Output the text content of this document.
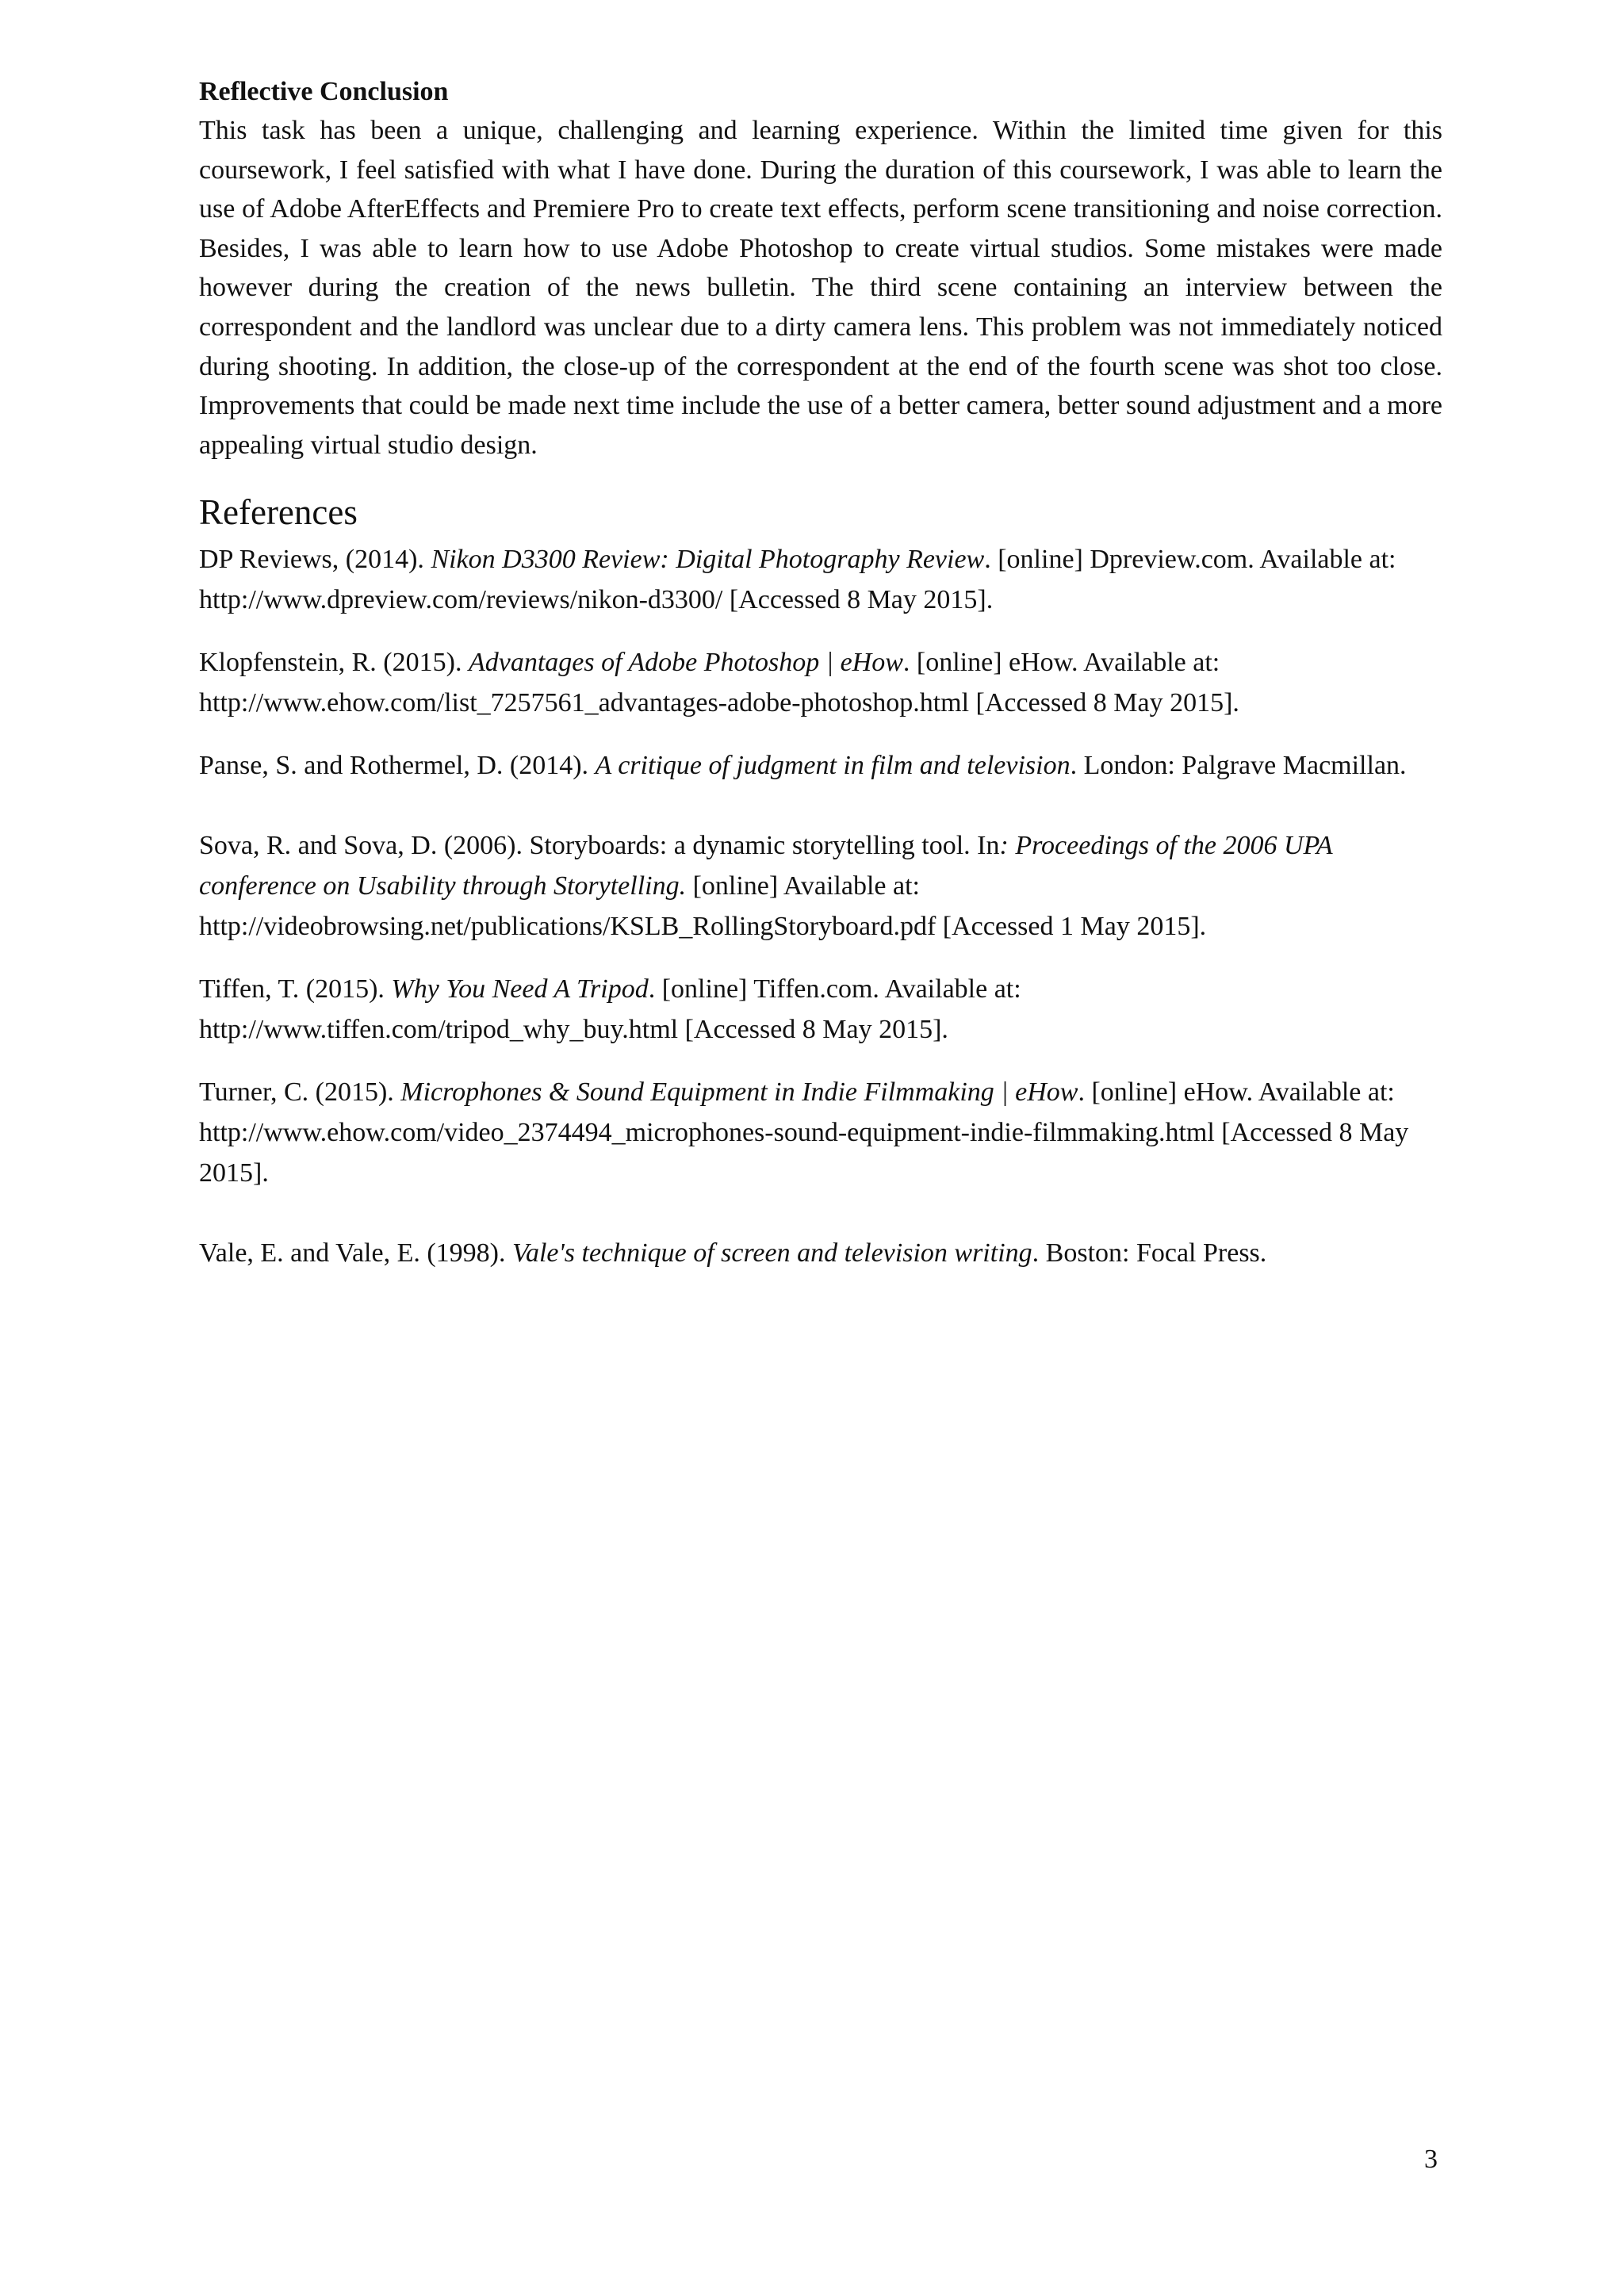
Reflective Conclusion

This task has been a unique, challenging and learning experience. Within the limited time given for this coursework, I feel satisfied with what I have done. During the duration of this coursework, I was able to learn the use of Adobe AfterEffects and Premiere Pro to create text effects, perform scene transitioning and noise correction. Besides, I was able to learn how to use Adobe Photoshop to create virtual studios. Some mistakes were made however during the creation of the news bulletin. The third scene containing an interview between the correspondent and the landlord was unclear due to a dirty camera lens. This problem was not immediately noticed during shooting. In addition, the close-up of the correspondent at the end of the fourth scene was shot too close. Improvements that could be made next time include the use of a better camera, better sound adjustment and a more appealing virtual studio design.

References
DP Reviews, (2014). Nikon D3300 Review: Digital Photography Review. [online] Dpreview.com. Available at: http://www.dpreview.com/reviews/nikon-d3300/ [Accessed 8 May 2015].
Klopfenstein, R. (2015). Advantages of Adobe Photoshop | eHow. [online] eHow. Available at: http://www.ehow.com/list_7257561_advantages-adobe-photoshop.html [Accessed 8 May 2015].
Panse, S. and Rothermel, D. (2014). A critique of judgment in film and television. London: Palgrave Macmillan.
Sova, R. and Sova, D. (2006). Storyboards: a dynamic storytelling tool. In: Proceedings of the 2006 UPA conference on Usability through Storytelling. [online] Available at: http://videobrowsing.net/publications/KSLB_RollingStoryboard.pdf [Accessed 1 May 2015].
Tiffen, T. (2015). Why You Need A Tripod. [online] Tiffen.com. Available at: http://www.tiffen.com/tripod_why_buy.html [Accessed 8 May 2015].
Turner, C. (2015). Microphones & Sound Equipment in Indie Filmmaking | eHow. [online] eHow. Available at: http://www.ehow.com/video_2374494_microphones-sound-equipment-indie-filmmaking.html [Accessed 8 May 2015].
Vale, E. and Vale, E. (1998). Vale's technique of screen and television writing. Boston: Focal Press.
3
